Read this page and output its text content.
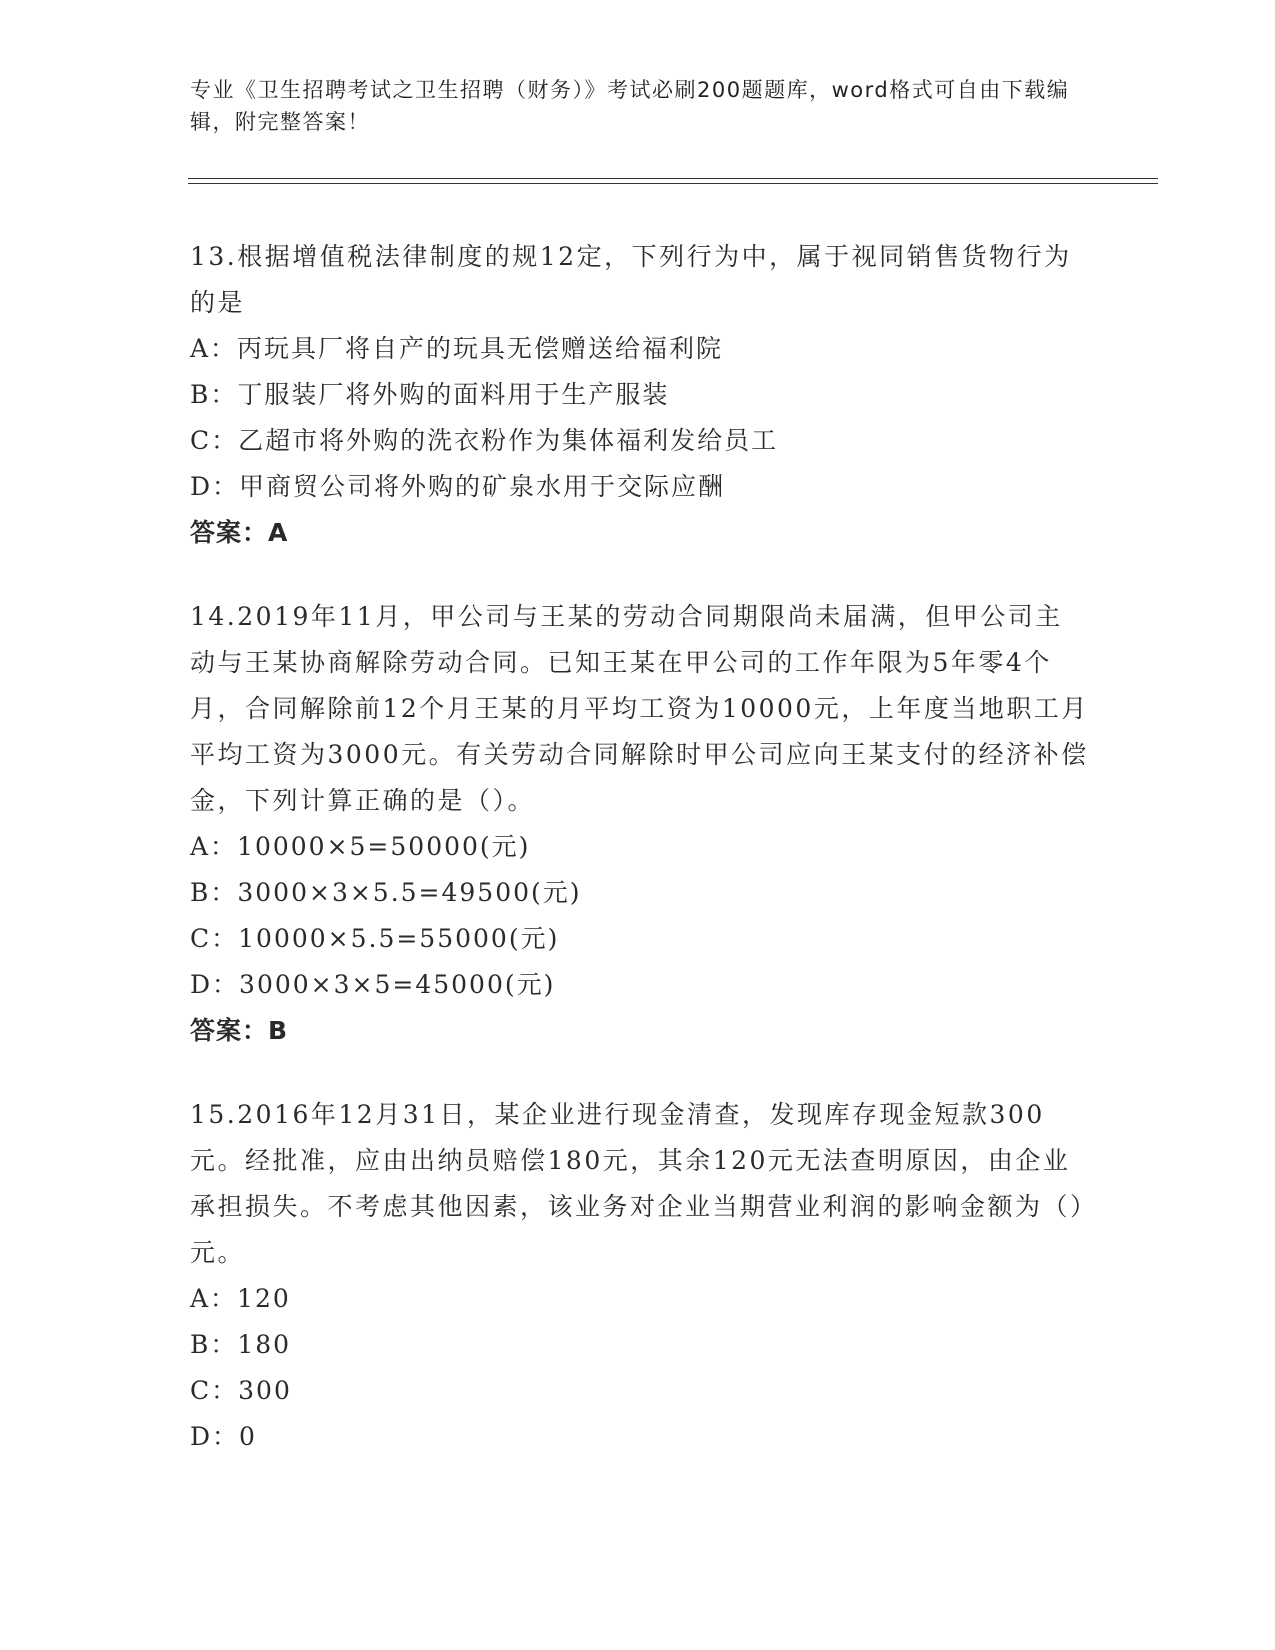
专业《卫生招聘考试之卫生招聘（财务）》考试必刷200题题库，word格式可自由下载编辑，附完整答案！

13.根据增值税法律制度的规12定，下列行为中，属于视同销售货物行为的是

A：丙玩具厂将自产的玩具无偿赠送给福利院

B：丁服装厂将外购的面料用于生产服装

C：乙超市将外购的洗衣粉作为集体福利发给员工

D：甲商贸公司将外购的矿泉水用于交际应酬

答案：A

14.2019年11月，甲公司与王某的劳动合同期限尚未届满，但甲公司主动与王某协商解除劳动合同。已知王某在甲公司的工作年限为5年零4个月，合同解除前12个月王某的月平均工资为10000元，上年度当地职工月平均工资为3000元。有关劳动合同解除时甲公司应向王某支付的经济补偿金，下列计算正确的是（）。

A：10000×5=50000(元)

B：3000×3×5.5=49500(元)

C：10000×5.5=55000(元)

D：3000×3×5=45000(元)

答案：B

15.2016年12月31日，某企业进行现金清查，发现库存现金短款300元。经批准，应由出纳员赔偿180元，其余120元无法查明原因，由企业承担损失。不考虑其他因素，该业务对企业当期营业利润的影响金额为（）元。

A：120

B：180

C：300

D：0
